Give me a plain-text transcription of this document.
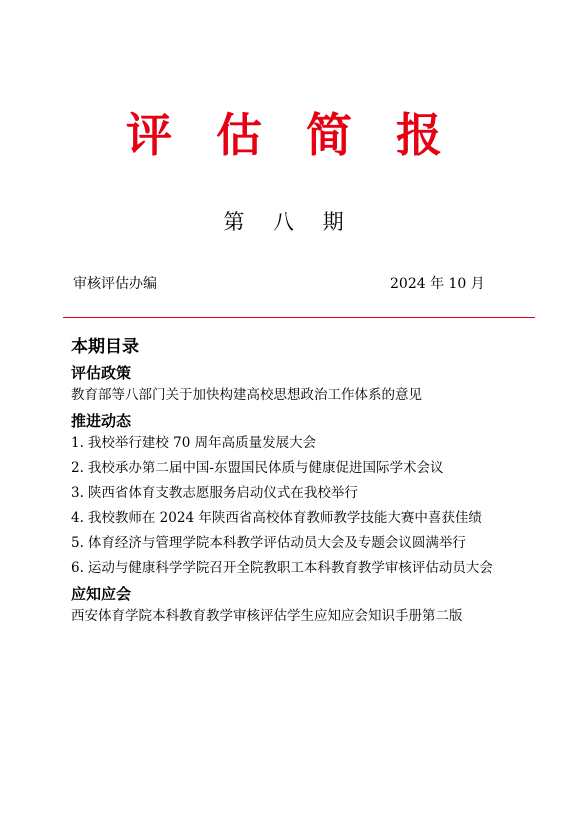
评 估 简 报
第 八 期
审核评估办编	2024 年 10 月
本期目录
评估政策
教育部等八部门关于加快构建高校思想政治工作体系的意见
推进动态
1. 我校举行建校 70 周年高质量发展大会
2. 我校承办第二届中国-东盟国民体质与健康促进国际学术会议
3. 陕西省体育支教志愿服务启动仪式在我校举行
4. 我校教师在 2024 年陕西省高校体育教师教学技能大赛中喜获佳绩
5. 体育经济与管理学院本科教学评估动员大会及专题会议圆满举行
6. 运动与健康科学学院召开全院教职工本科教育教学审核评估动员大会
应知应会
西安体育学院本科教育教学审核评估学生应知应会知识手册第二版
